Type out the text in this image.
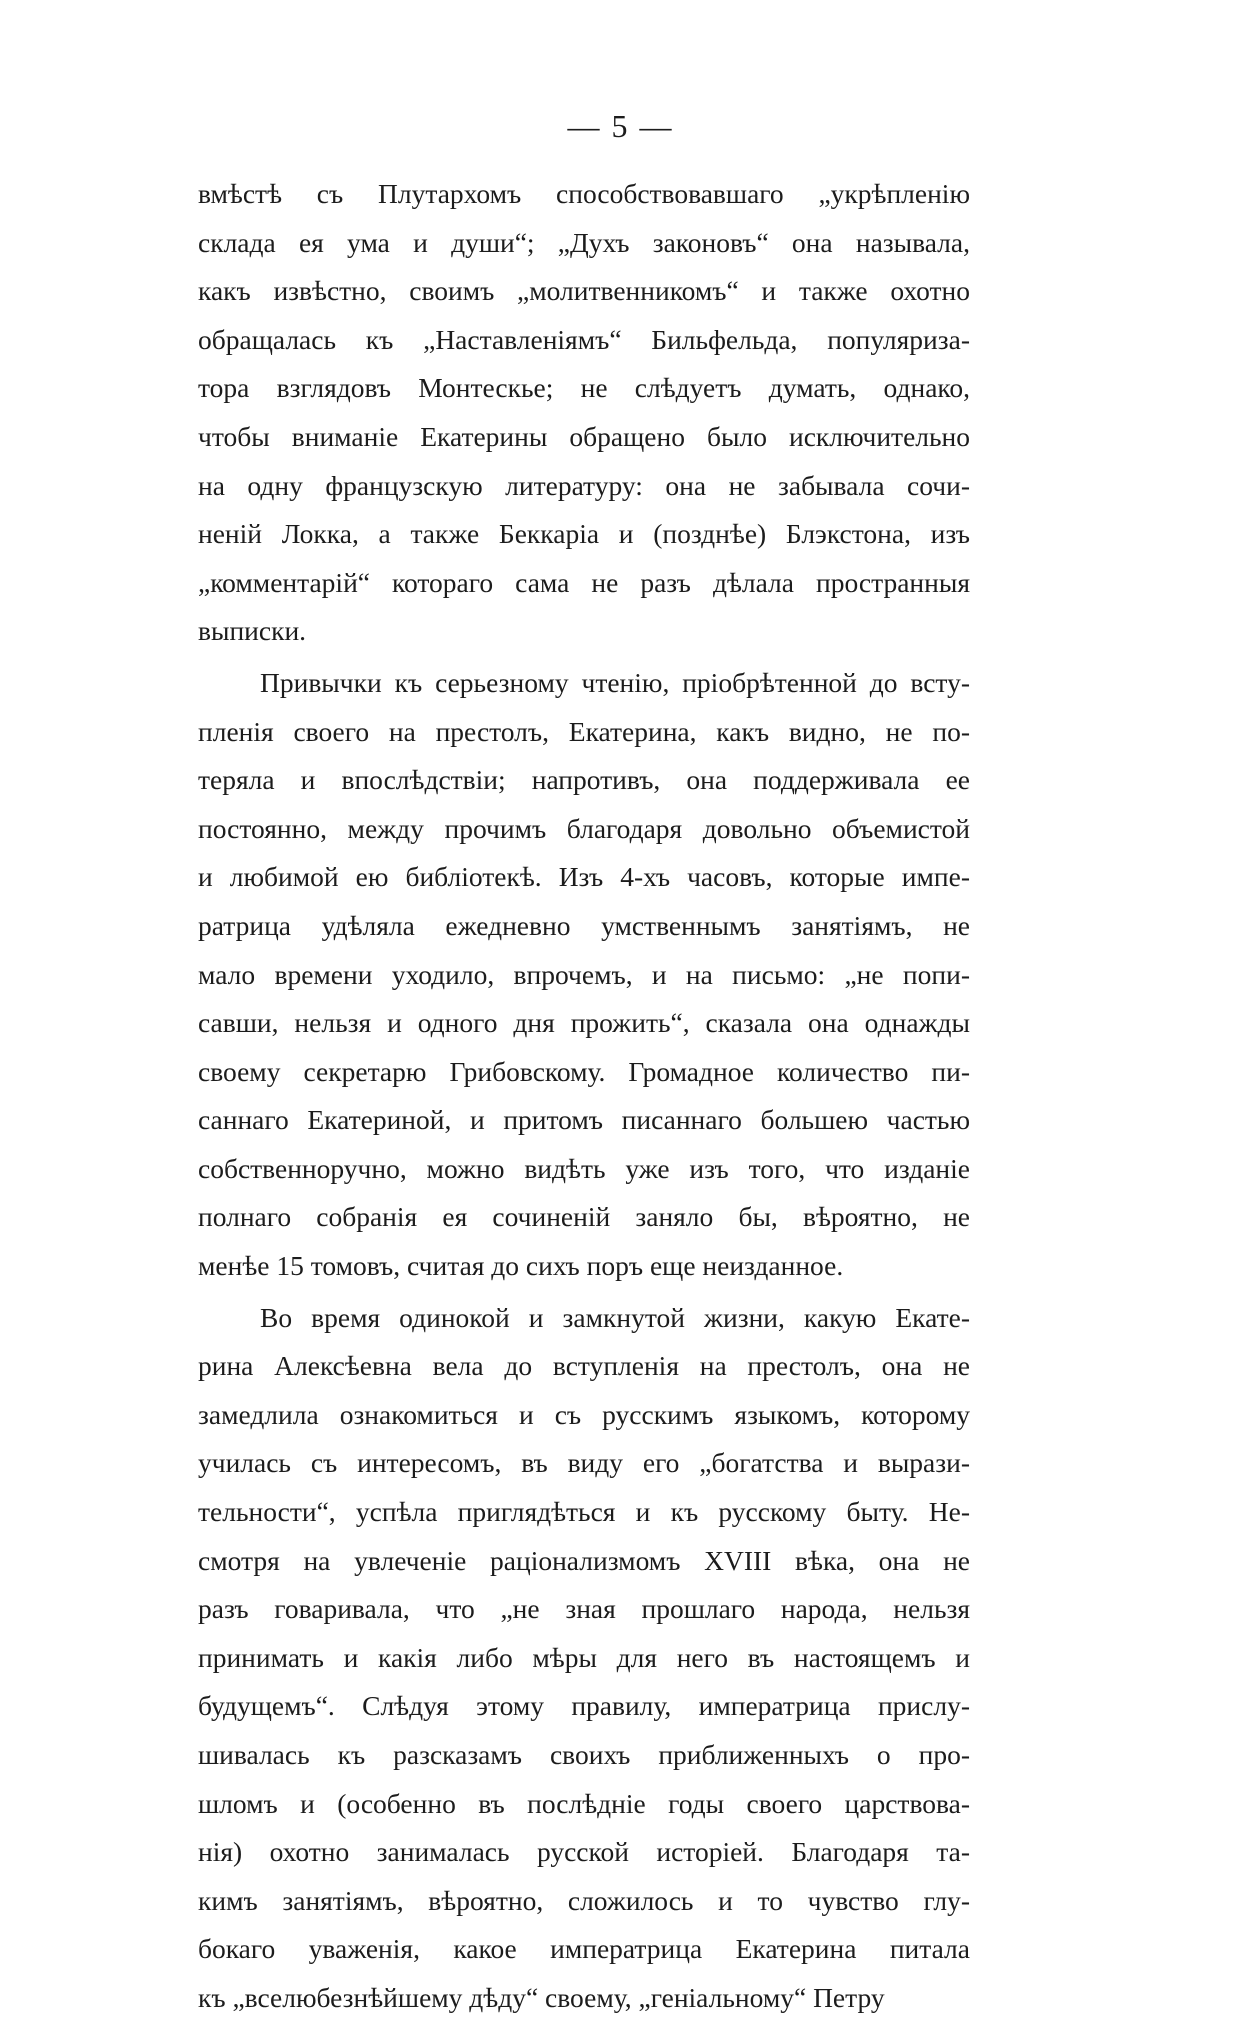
— 5 —
вмѣстѣ съ Плутархомъ способствовавшаго „укрѣпленію
склада ея ума и души“; „Духъ законовъ“ она называла,
какъ извѣстно, своимъ „молитвенникомъ“ и также охотно
обращалась къ „Наставленіямъ“ Бильфельда, популяриза-
тора взглядовъ Монтескье; не слѣдуетъ думать, однако,
чтобы вниманіе Екатерины обращено было исключительно
на одну французскую литературу: она не забывала сочи-
неній Локка, а также Беккаріа и (позднѣе) Блэкстона, изъ
„комментарій“ котораго сама не разъ дѣлала пространныя
выписки.
Привычки къ серьезному чтенію, пріобрѣтенной до всту-
пленія своего на престолъ, Екатерина, какъ видно, не по-
теряла и впослѣдствіи; напротивъ, она поддерживала ее
постоянно, между прочимъ благодаря довольно объемистой
и любимой ею библіотекѣ. Изъ 4-хъ часовъ, которые импе-
ратрица удѣляла ежедневно умственнымъ занятіямъ, не
мало времени уходило, впрочемъ, и на письмо: „не попи-
савши, нельзя и одного дня прожить“, сказала она однажды
своему секретарю Грибовскому. Громадное количество пи-
саннаго Екатериной, и притомъ писаннаго большею частью
собственноручно, можно видѣть уже изъ того, что изданіе
полнаго собранія ея сочиненій заняло бы, вѣроятно, не
менѣе 15 томовъ, считая до сихъ поръ еще неизданное.
Во время одинокой и замкнутой жизни, какую Екате-
рина Алексѣевна вела до вступленія на престолъ, она не
замедлила ознакомиться и съ русскимъ языкомъ, которому
училась съ интересомъ, въ виду его „богатства и вырази-
тельности“, успѣла приглядѣться и къ русскому быту. Не-
смотря на увлеченіе раціонализмомъ XVIII вѣка, она не
разъ говаривала, что „не зная прошлаго народа, нельзя
принимать и какія либо мѣры для него въ настоящемъ и
будущемъ“. Слѣдуя этому правилу, императрица прислу-
шивалась къ разсказамъ своихъ приближенныхъ о про-
шломъ и (особенно въ послѣдніе годы своего царствова-
нія) охотно занималась русской исторіей. Благодаря та-
кимъ занятіямъ, вѣроятно, сложилось и то чувство глу-
бокаго уваженія, какое императрица Екатерина питала
къ „вселюбезнѣйшему дѣду“ своему, „геніальному“ Петру
